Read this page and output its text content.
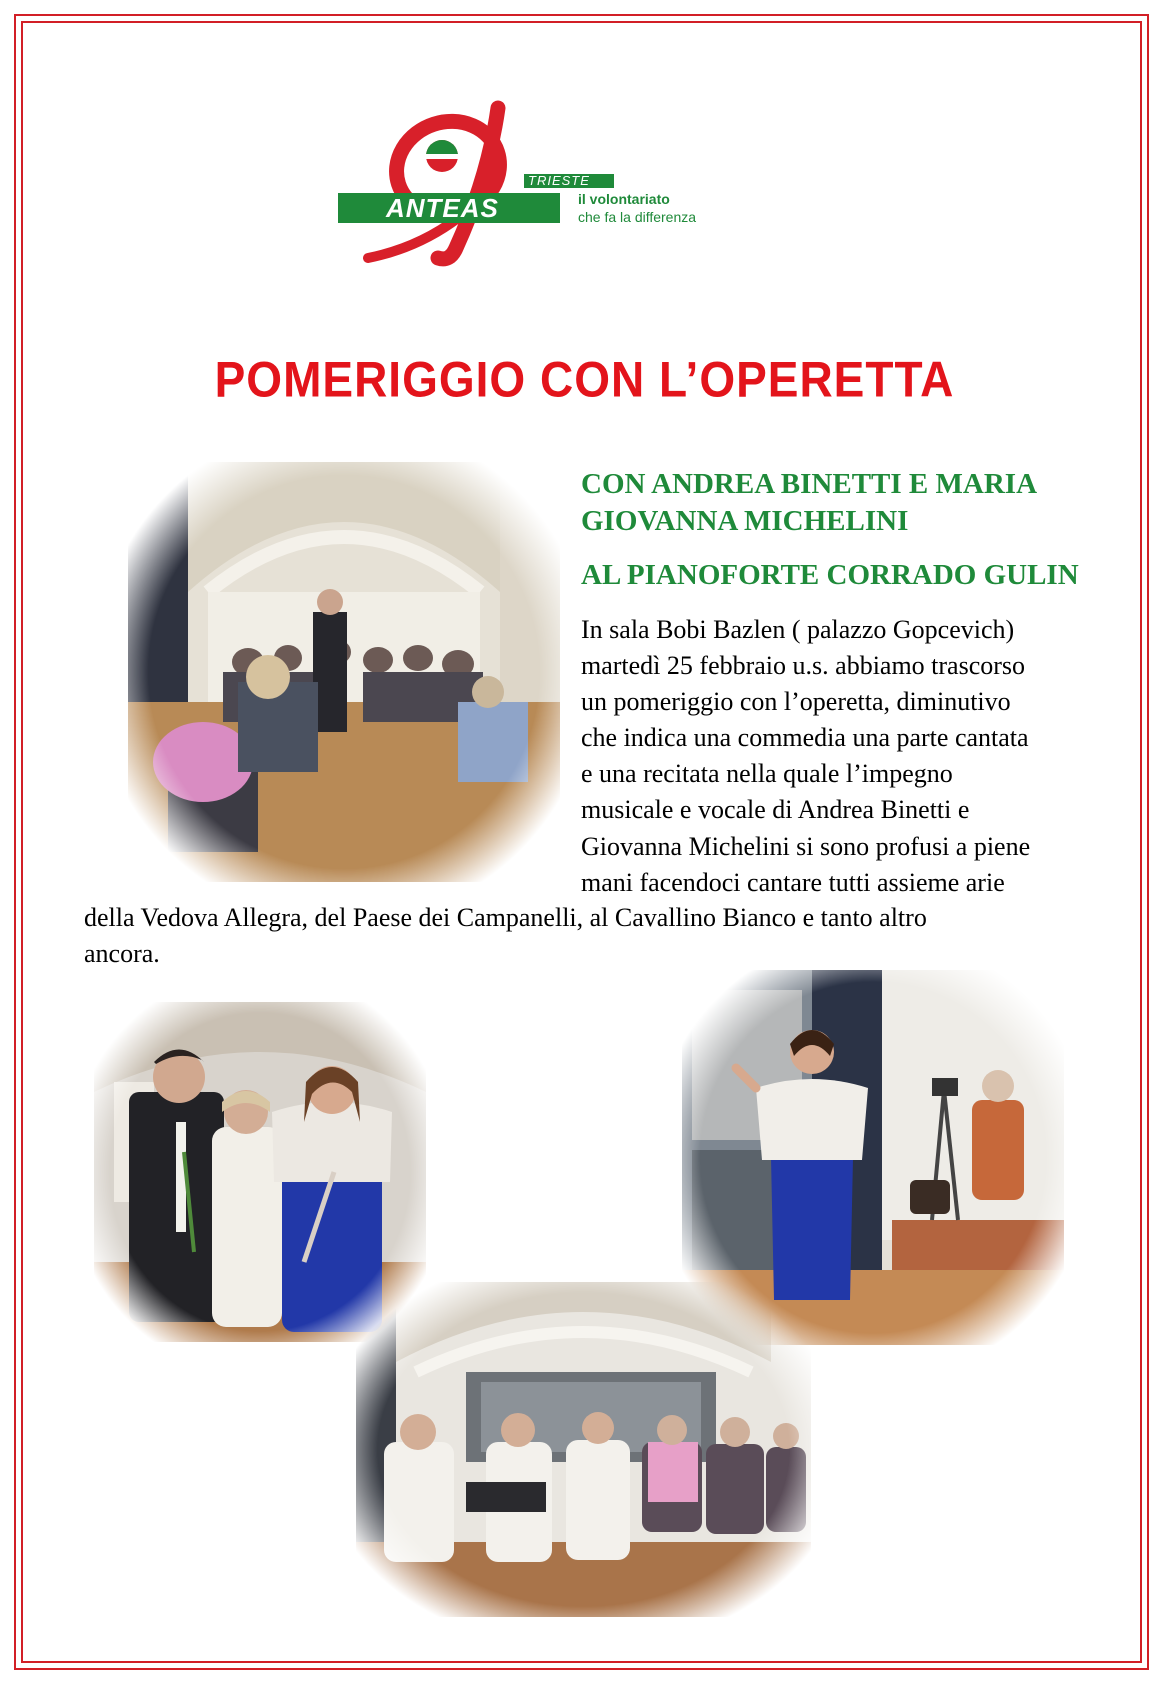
ANTEAS
TRIESTE
il volontariato
che fa la differenza
POMERIGGIO CON L’OPERETTA
CON ANDREA BINETTI E MARIA GIOVANNA MICHELINI
AL PIANOFORTE CORRADO GULIN
In sala Bobi Bazlen ( palazzo Gopcevich)
martedì 25 febbraio u.s. abbiamo trascorso
un pomeriggio con l’operetta, diminutivo
che indica una commedia una parte cantata
e una recitata nella quale l’impegno
musicale e vocale di Andrea Binetti e
Giovanna Michelini si sono profusi a piene
mani facendoci cantare tutti assieme arie
della Vedova Allegra, del Paese dei Campanelli, al Cavallino Bianco e tanto altro
ancora.
